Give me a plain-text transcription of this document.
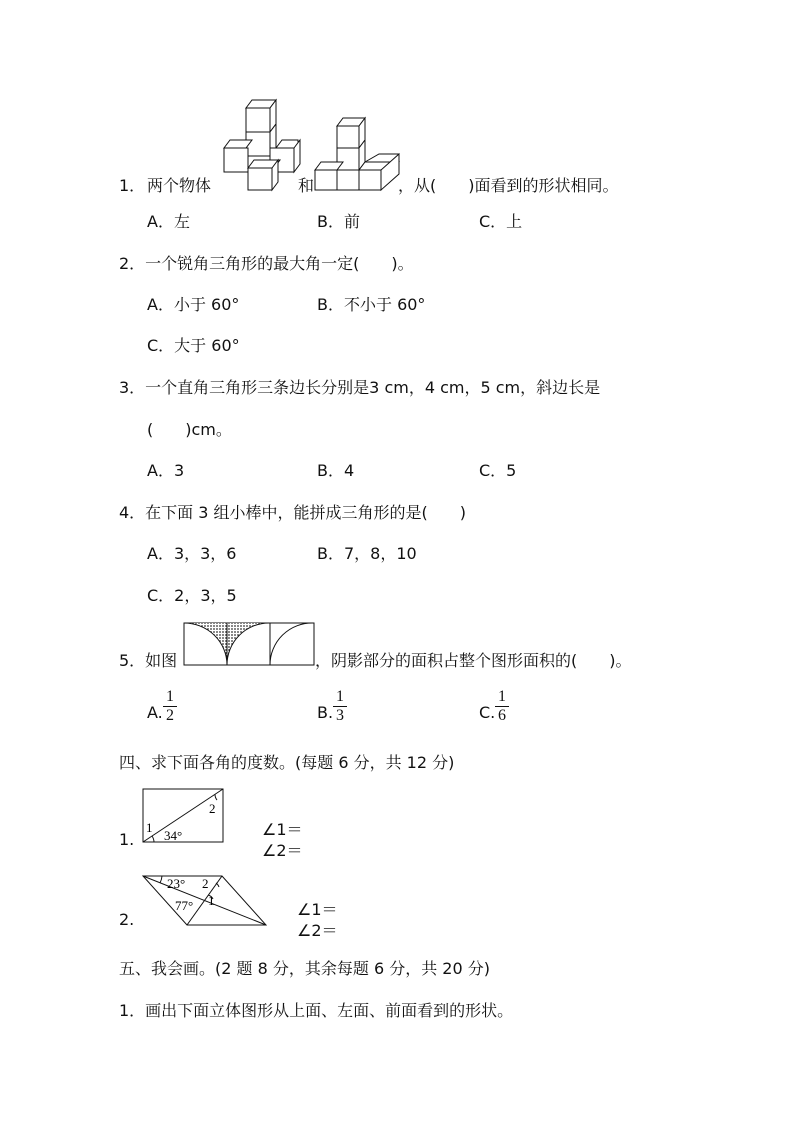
1． 两个物体	和	，从(　　)面看到的形状相同。
A．左	B．前	C．上
2．一个锐角三角形的最大角一定(　　)。
A．小于 60°	B．不小于 60°
C．大于 60°
3．一个直角三角形三条边长分别是3 cm，4 cm，5 cm，斜边长是
(　　)cm。
A．3	B．4	C．5
4．在下面 3 组小棒中，能拼成三角形的是(　　)
A．3，3，6	B．7，8，10
C．2，3，5
5．如图	，阴影部分的面积占整个图形面积的(　　)。
A. $\frac{1}{2}$	B. $\frac{1}{3}$	C. $\frac{1}{6}$
四、求下面各角的度数。(每题 6 分，共 12 分)
1.
1
34°
2
∠1＝
∠2＝
2.
23°
77°
2
1	∠1＝
∠2＝
五、我会画。(2 题 8 分，其余每题 6 分，共 20 分)
1．画出下面立体图形从上面、左面、前面看到的形状。
